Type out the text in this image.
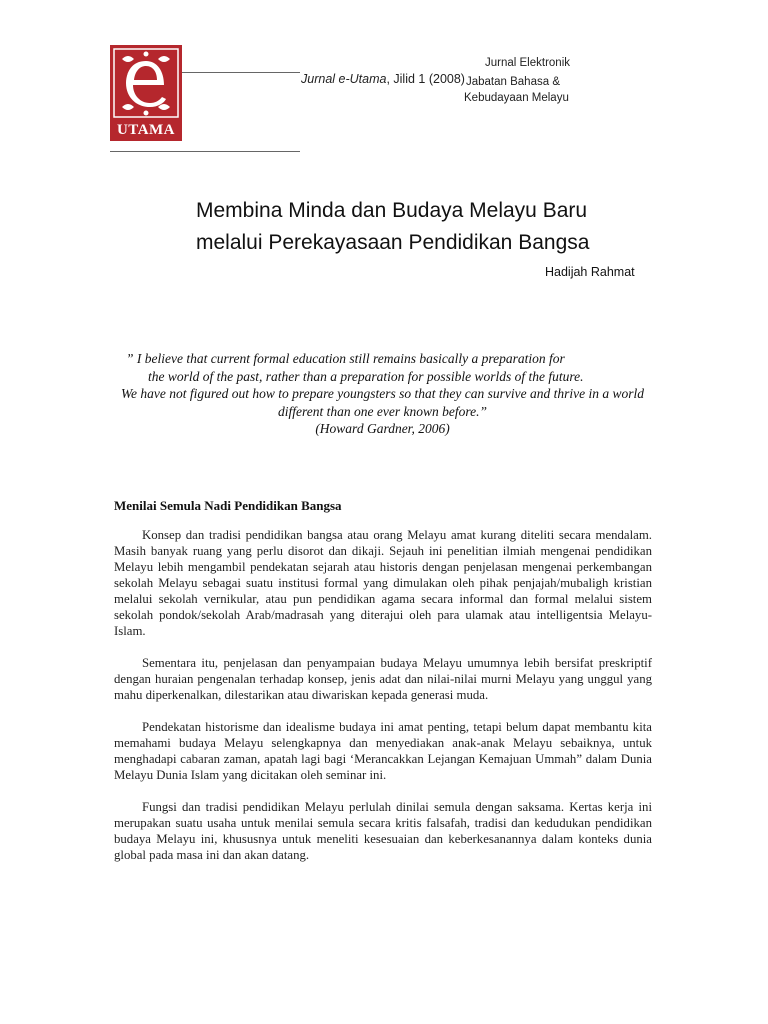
UTAMA
Jurnal Elektronik
Jurnal e-Utama, Jilid 1 (2008) Jabatan Bahasa &
Kebudayaan Melayu
Membina Minda dan Budaya Melayu Baru
melalui Perekayasaan Pendidikan Bangsa
Hadijah Rahmat

” I believe that current formal education still remains basically a preparation for

the world of the past, rather than a preparation for possible worlds of the future.

We have not figured out how to prepare youngsters so that they can survive and thrive in a world different than one ever known before.”

(Howard Gardner, 2006)

Menilai Semula Nadi Pendidikan Bangsa

Konsep dan tradisi pendidikan bangsa atau orang Melayu amat kurang diteliti secara mendalam. Masih banyak ruang yang perlu disorot dan dikaji. Sejauh ini penelitian ilmiah mengenai pendidikan Melayu lebih mengambil pendekatan sejarah atau historis dengan penjelasan mengenai perkembangan sekolah Melayu sebagai suatu institusi formal yang dimulakan oleh pihak penjajah/mubaligh kristian melalui sekolah vernikular, atau pun pendidikan agama secara informal dan formal melalui sistem sekolah pondok/sekolah Arab/madrasah yang diterajui oleh para ulamak atau intelligentsia Melayu-Islam.

Sementara itu, penjelasan dan penyampaian budaya Melayu umumnya lebih bersifat preskriptif dengan huraian pengenalan terhadap konsep, jenis adat dan nilai-nilai murni Melayu yang unggul yang mahu diperkenalkan, dilestarikan atau diwariskan kepada generasi muda.

Pendekatan historisme dan idealisme budaya ini amat penting, tetapi belum dapat membantu kita memahami budaya Melayu selengkapnya dan menyediakan anak-anak Melayu sebaiknya, untuk menghadapi cabaran zaman, apatah lagi bagi ‘Merancakkan Lejangan Kemajuan Ummah” dalam Dunia Melayu Dunia Islam yang dicitakan oleh seminar ini.

Fungsi dan tradisi pendidikan Melayu perlulah dinilai semula dengan saksama. Kertas kerja ini merupakan suatu usaha untuk menilai semula secara kritis falsafah, tradisi dan kedudukan pendidikan budaya Melayu ini, khususnya untuk meneliti kesesuaian dan keberkesanannya dalam konteks dunia global pada masa ini dan akan datang.
